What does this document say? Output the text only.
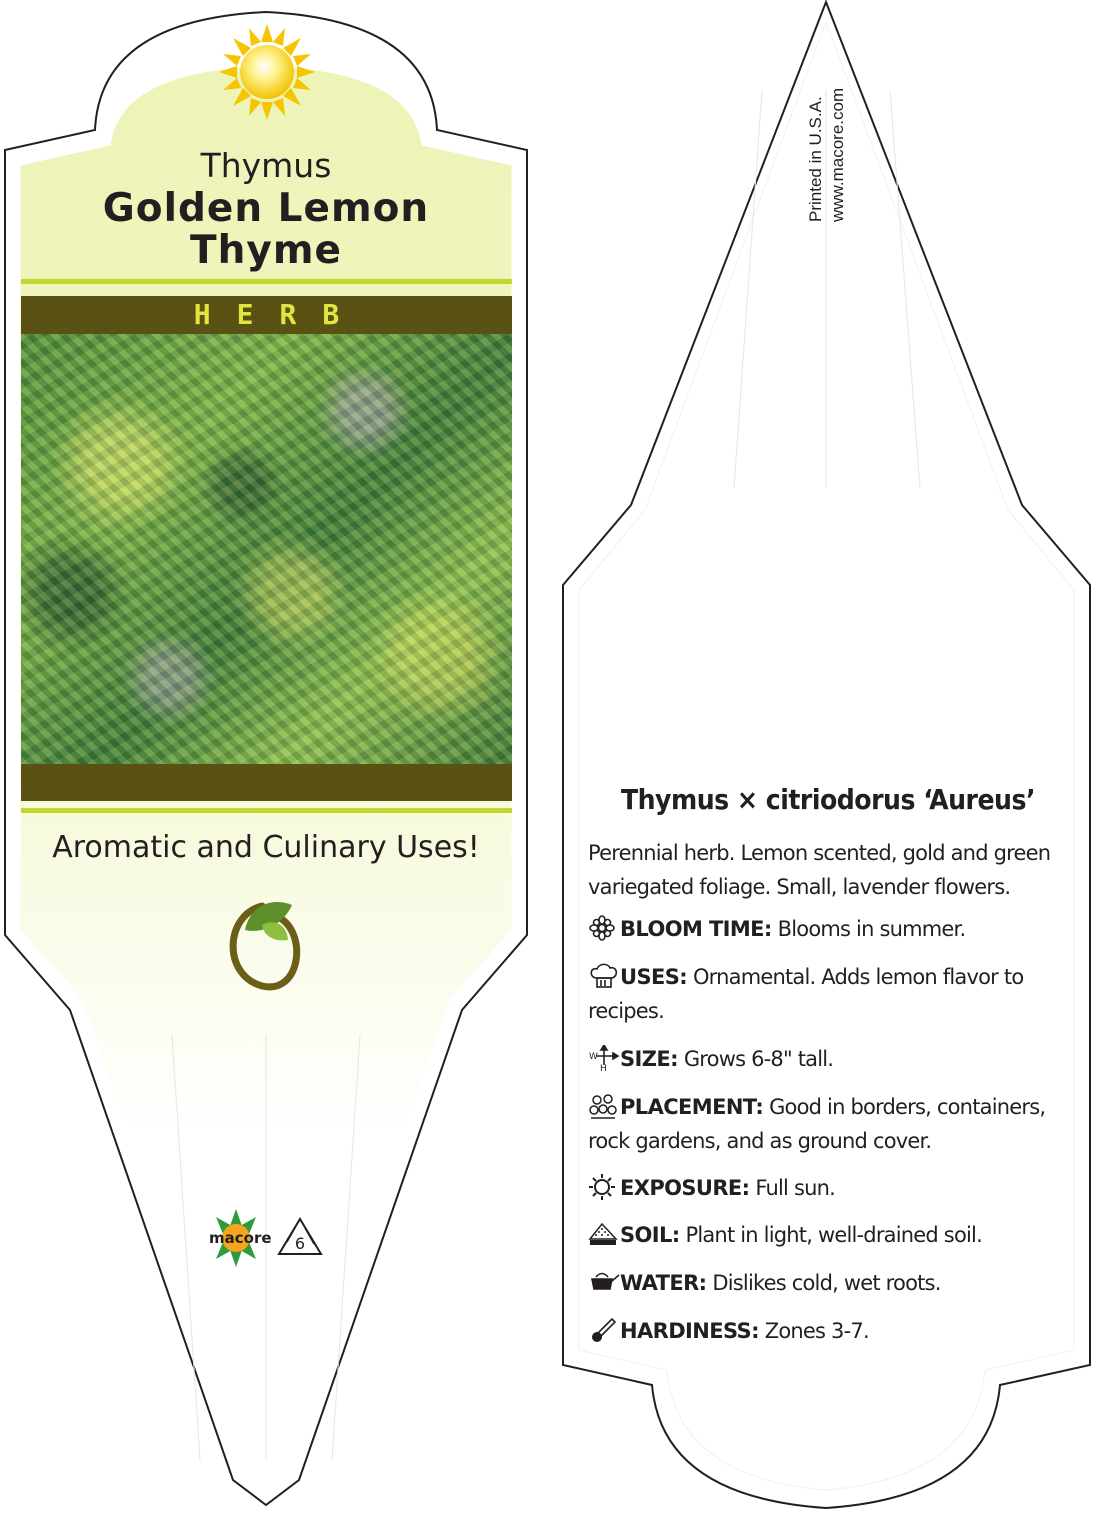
Thymus
Golden Lemon
Thyme
HERB
Aromatic and Culinary Uses!
macore 6
Printed in U.S.A. www.macore.com
Thymus × citriodorus ‘Aureus’
Perennial herb. Lemon scented, gold and green variegated foliage. Small, lavender flowers.
BLOOM TIME: Blooms in summer.
USES: Ornamental. Adds lemon flavor to recipes.
W
H SIZE: Grows 6-8" tall.
PLACEMENT: Good in borders, containers, rock gardens, and as ground cover.
EXPOSURE: Full sun.
SOIL: Plant in light, well-drained soil.
WATER: Dislikes cold, wet roots.
HARDINESS: Zones 3-7.
